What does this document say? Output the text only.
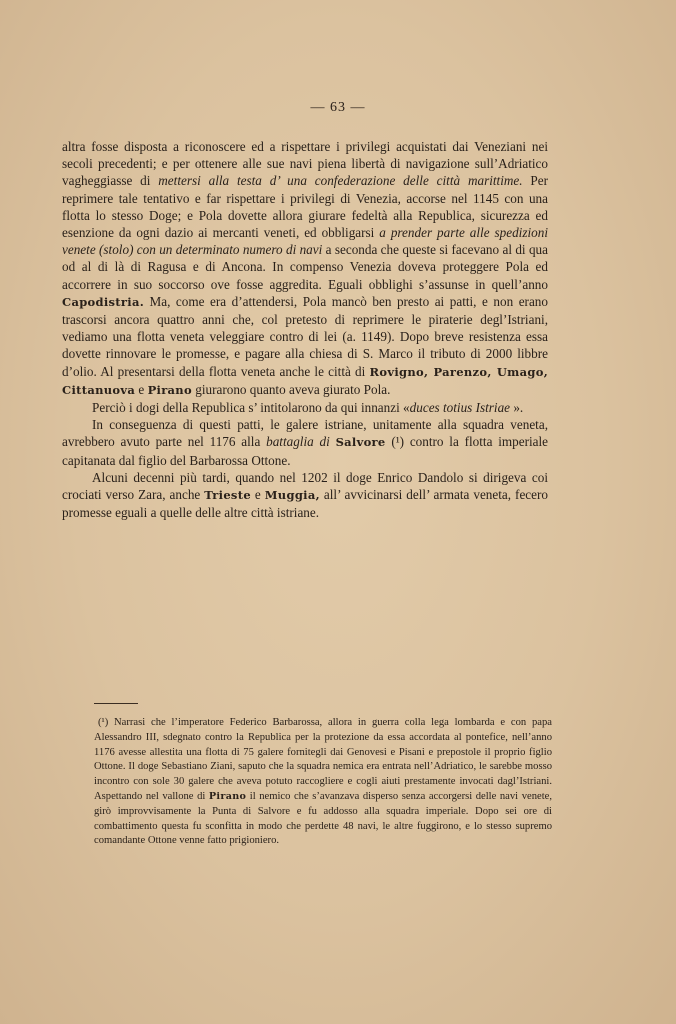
— 63 —

altra fosse disposta a riconoscere ed a rispettare i privilegi acquistati dai Veneziani nei secoli precedenti; e per ottenere alle sue navi piena libertà di navigazione sull’Adriatico vagheggiasse di mettersi alla testa d’ una confederazione delle città marittime. Per reprimere tale tentativo e far rispettare i privilegi di Venezia, accorse nel 1145 con una flotta lo stesso Doge; e Pola dovette allora giurare fedeltà alla Republica, sicurezza ed esenzione da ogni dazio ai mercanti veneti, ed obbligarsi a prender parte alle spedizioni venete (stolo) con un determinato numero di navi a seconda che queste si facevano al di qua od al di là di Ragusa e di Ancona. In compenso Venezia doveva proteggere Pola ed accorrere in suo soccorso ove fosse aggredita. Eguali obblighi s’assunse in quell’anno Capodistria. Ma, come era d’attendersi, Pola mancò ben presto ai patti, e non erano trascorsi ancora quattro anni che, col pretesto di reprimere le piraterie degl’Istriani, vediamo una flotta veneta veleggiare contro di lei (a. 1149). Dopo breve resistenza essa dovette rinnovare le promesse, e pagare alla chiesa di S. Marco il tributo di 2000 libbre d’olio. Al presentarsi della flotta veneta anche le città di Rovigno, Parenzo, Umago, Cittanuova e Pirano giurarono quanto aveva giurato Pola.

Perciò i dogi della Republica s’ intitolarono da qui innanzi «duces totius Istriae ».

In conseguenza di questi patti, le galere istriane, unitamente alla squadra veneta, avrebbero avuto parte nel 1176 alla battaglia di Salvore (¹) contro la flotta imperiale capitanata dal figlio del Barbarossa Ottone.

Alcuni decenni più tardi, quando nel 1202 il doge Enrico Dandolo si dirigeva coi crociati verso Zara, anche Trieste e Muggia, all’ avvicinarsi dell’ armata veneta, fecero promesse eguali a quelle delle altre città istriane.

(¹) Narrasi che l’imperatore Federico Barbarossa, allora in guerra colla lega lombarda e con papa Alessandro III, sdegnato contro la Republica per la protezione da essa accordata al pontefice, nell’anno 1176 avesse allestita una flotta di 75 galere fornitegli dai Genovesi e Pisani e prepostole il proprio figlio Ottone. Il doge Sebastiano Ziani, saputo che la squadra nemica era entrata nell’Adriatico, le sarebbe mosso incontro con sole 30 galere che aveva potuto raccogliere e cogli aiuti prestamente invocati dagl’Istriani. Aspettando nel vallone di Pirano il nemico che s’avanzava disperso senza accorgersi delle navi venete, girò improvvisamente la Punta di Salvore e fu addosso alla squadra imperiale. Dopo sei ore di combattimento questa fu sconfitta in modo che perdette 48 navi, le altre fuggirono, e lo stesso supremo comandante Ottone venne fatto prigioniero.
